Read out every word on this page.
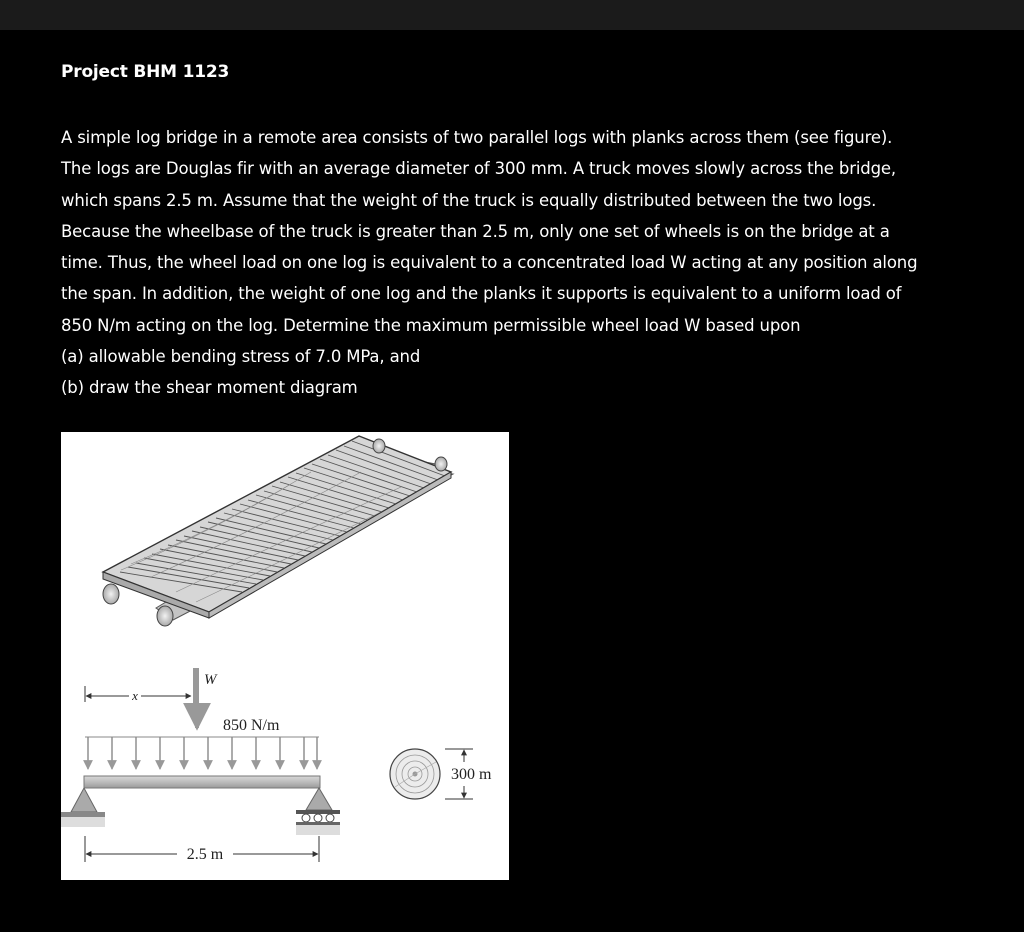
Project BHM 1123
A simple log bridge in a remote area consists of two parallel logs with planks across them (see figure).
The logs are Douglas fir with an average diameter of 300 mm. A truck moves slowly across the bridge,
which spans 2.5 m. Assume that the weight of the truck is equally distributed between the two logs.
Because the wheelbase of the truck is greater than 2.5 m, only one set of wheels is on the bridge at a
time. Thus, the wheel load on one log is equivalent to a concentrated load W acting at any position along
the span. In addition, the weight of one log and the planks it supports is equivalent to a uniform load of
850 N/m acting on the log. Determine the maximum permissible wheel load W based upon
(a) allowable bending stress of 7.0 MPa, and
(b) draw the shear moment diagram
x
W
850 N/m
2.5 m
300 m
